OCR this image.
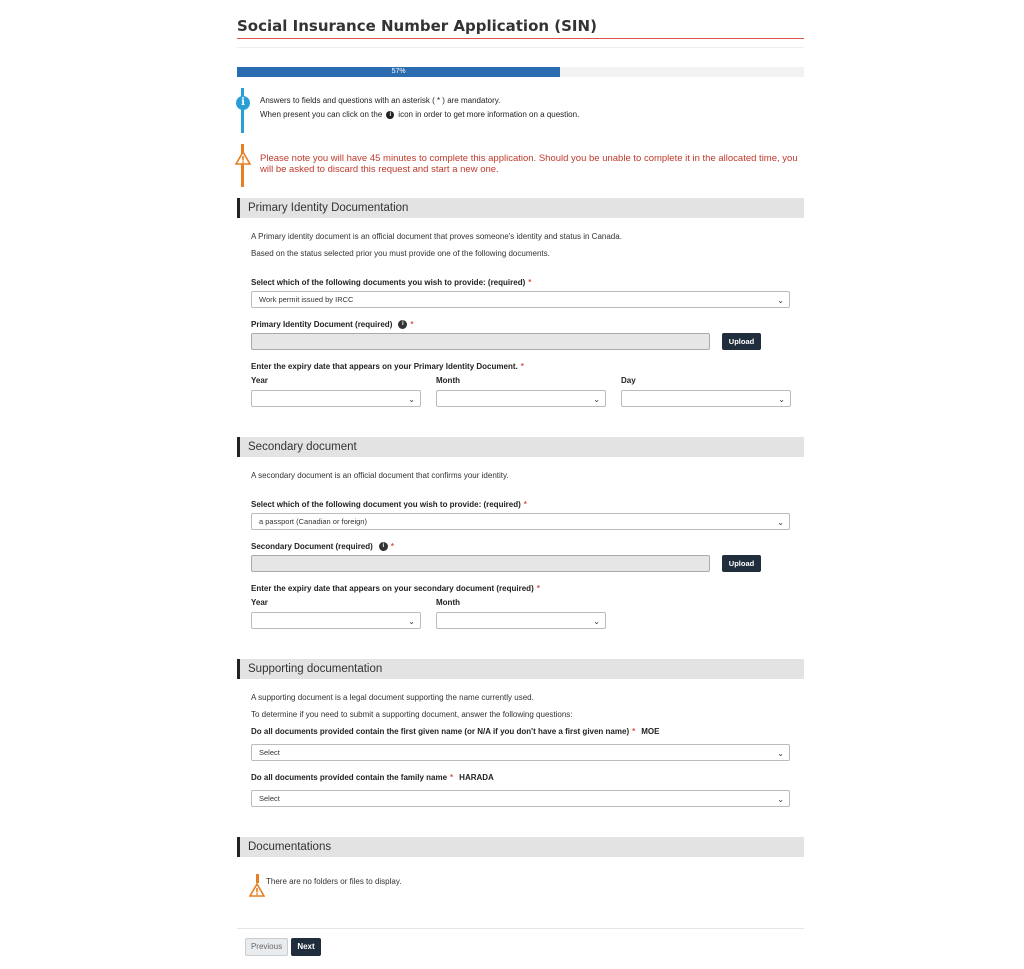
Social Insurance Number Application (SIN)
57%
i	Answers to fields and questions with an asterisk ( * ) are mandatory.
When present you can click on the i icon in order to get more information on a question.
Please note you will have 45 minutes to complete this application. Should you be unable to complete it in the allocated time, you will be asked to discard this request and start a new one.
Primary Identity Documentation
A Primary identity document is an official document that proves someone's identity and status in Canada.
Based on the status selected prior you must provide one of the following documents.
Select which of the following documents you wish to provide: (required) *
Work permit issued by IRCC	⌄
Primary Identity Document (required) i *
Upload
Enter the expiry date that appears on your Primary Identity Document. *
Year	Month	Day
⌄	⌄	⌄
Secondary document
A secondary document is an official document that confirms your identity.
Select which of the following document you wish to provide: (required) *
a passport (Canadian or foreign)	⌄
Secondary Document (required) i *
Upload
Enter the expiry date that appears on your secondary document (required) *
Year	Month
⌄	⌄
Supporting documentation
A supporting document is a legal document supporting the name currently used.
To determine if you need to submit a supporting document, answer the following questions:
Do all documents provided contain the first given name (or N/A if you don't have a first given name) * MOE
Select	⌄
Do all documents provided contain the family name * HARADA
Select	⌄
Documentations
There are no folders or files to display.
Previous	Next
